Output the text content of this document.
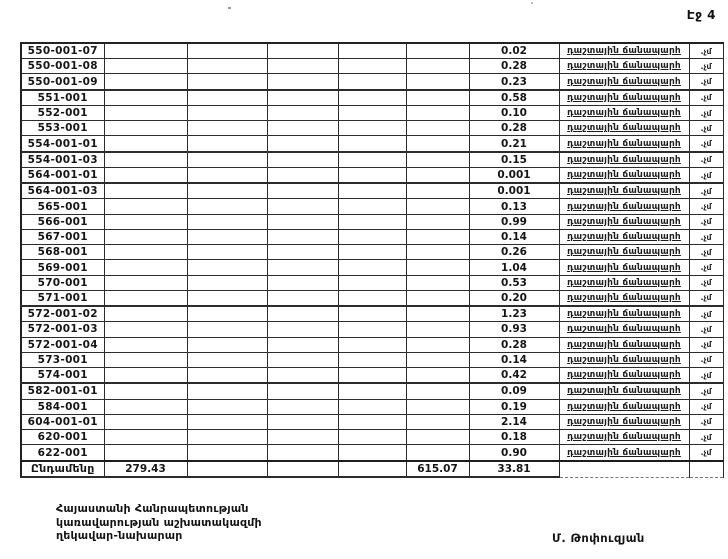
Էջ 4
550-001-07						0.02	դաշտային ճանապարհ	.չմ
550-001-08						0.28	դաշտային ճանապարհ	.չմ
550-001-09						0.23	դաշտային ճանապարհ	.չմ
551-001						0.58	դաշտային ճանապարհ	.չմ
552-001						0.10	դաշտային ճանապարհ	.չմ
553-001						0.28	դաշտային ճանապարհ	.չմ
554-001-01						0.21	դաշտային ճանապարհ	.չմ
554-001-03						0.15	դաշտային ճանապարհ	.չմ
564-001-01						0.001	դաշտային ճանապարհ	.չմ
564-001-03						0.001	դաշտային ճանապարհ	.չմ
565-001						0.13	դաշտային ճանապարհ	.չմ
566-001						0.99	դաշտային ճանապարհ	.չմ
567-001						0.14	դաշտային ճանապարհ	.չմ
568-001						0.26	դաշտային ճանապարհ	.չմ
569-001						1.04	դաշտային ճանապարհ	.չմ
570-001						0.53	դաշտային ճանապարհ	.չմ
571-001						0.20	դաշտային ճանապարհ	.չմ
572-001-02						1.23	դաշտային ճանապարհ	.չմ
572-001-03						0.93	դաշտային ճանապարհ	.չմ
572-001-04						0.28	դաշտային ճանապարհ	.չմ
573-001						0.14	դաշտային ճանապարհ	.չմ
574-001						0.42	դաշտային ճանապարհ	.չմ
582-001-01						0.09	դաշտային ճանապարհ	.չմ
584-001						0.19	դաշտային ճանապարհ	.չմ
604-001-01						2.14	դաշտային ճանապարհ	.չմ
620-001						0.18	դաշտային ճանապարհ	.չմ
622-001						0.90	դաշտային ճանապարհ	.չմ
Ընդամենը	279.43				615.07	33.81		
Հայաստանի Հանրապետության
կառավարության աշխատակազմի
ղեկավար-նախարար	Մ. Թոփուզյան
